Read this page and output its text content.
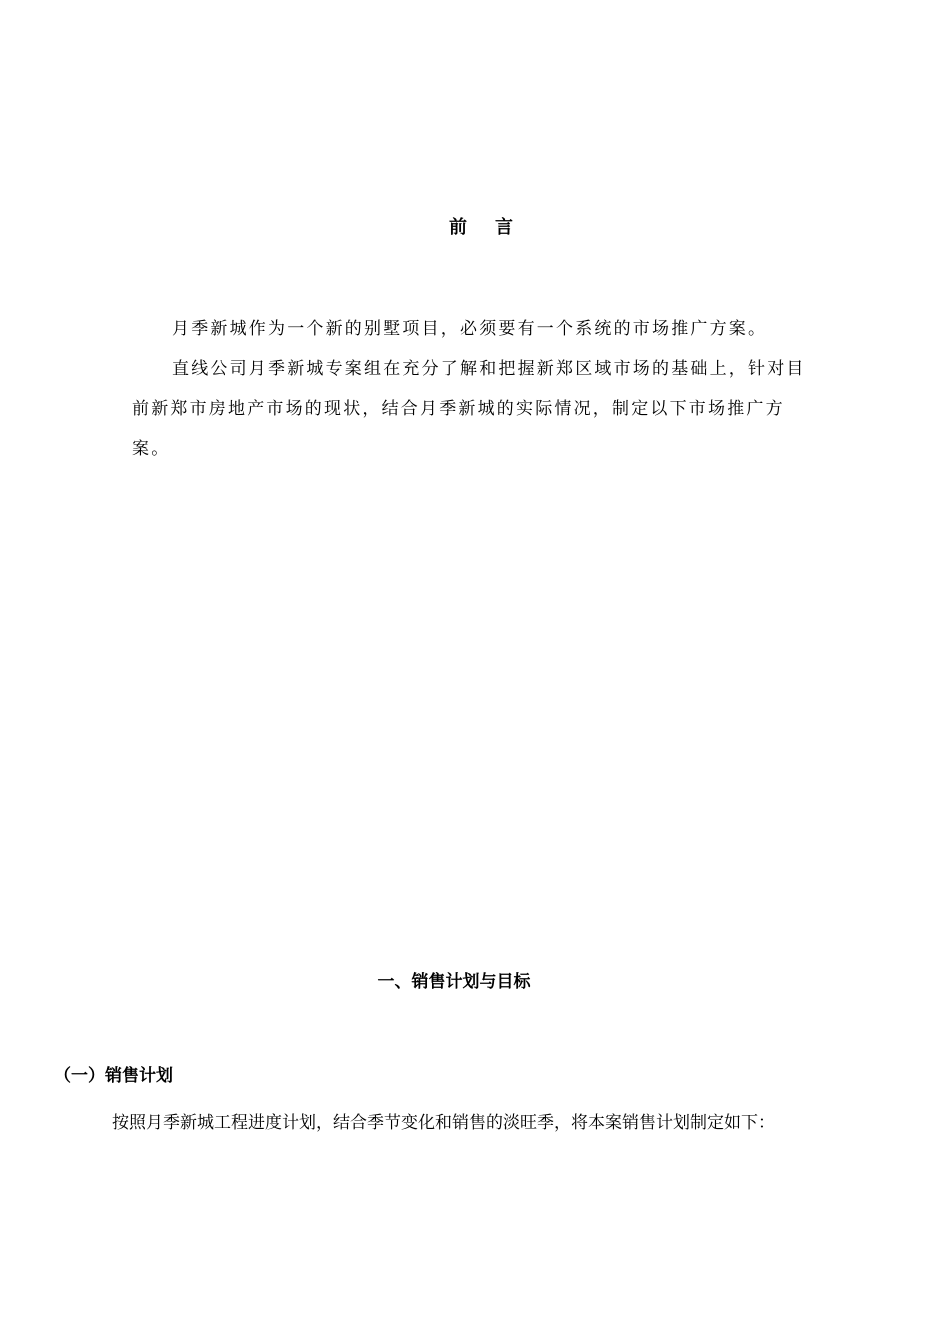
前言

月季新城作为一个新的别墅项目，必须要有一个系统的市场推广方案。

直线公司月季新城专案组在充分了解和把握新郑区域市场的基础上，针对目前新郑市房地产市场的现状，结合月季新城的实际情况，制定以下市场推广方案。

一、销售计划与目标
（一）销售计划
按照月季新城工程进度计划，结合季节变化和销售的淡旺季，将本案销售计划制定如下：
